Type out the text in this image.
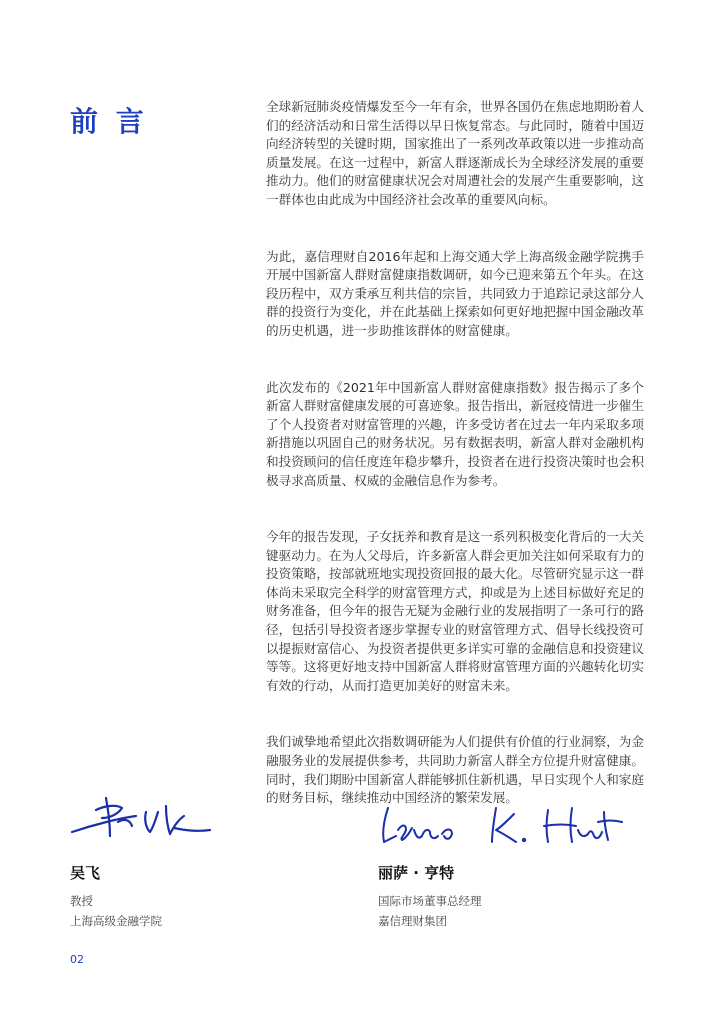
前 言	全球新冠肺炎疫情爆发至今一年有余，世界各国仍在焦虑地期盼着人们的经济活动和日常生活得以早日恢复常态。与此同时，随着中国迈向经济转型的关键时期，国家推出了一系列改革政策以进一步推动高质量发展。在这一过程中，新富人群逐渐成长为全球经济发展的重要推动力。他们的财富健康状况会对周遭社会的发展产生重要影响，这一群体也由此成为中国经济社会改革的重要风向标。

为此，嘉信理财自2016年起和上海交通大学上海高级金融学院携手开展中国新富人群财富健康指数调研，如今已迎来第五个年头。在这段历程中，双方秉承互利共信的宗旨，共同致力于追踪记录这部分人群的投资行为变化，并在此基础上探索如何更好地把握中国金融改革的历史机遇，进一步助推该群体的财富健康。

此次发布的《2021年中国新富人群财富健康指数》报告揭示了多个新富人群财富健康发展的可喜迹象。报告指出，新冠疫情进一步催生了个人投资者对财富管理的兴趣，许多受访者在过去一年内采取多项新措施以巩固自己的财务状况。另有数据表明，新富人群对金融机构和投资顾问的信任度连年稳步攀升，投资者在进行投资决策时也会积极寻求高质量、权威的金融信息作为参考。

今年的报告发现，子女抚养和教育是这一系列积极变化背后的一大关键驱动力。在为人父母后，许多新富人群会更加关注如何采取有力的投资策略，按部就班地实现投资回报的最大化。尽管研究显示这一群体尚未采取完全科学的财富管理方式，抑或是为上述目标做好充足的财务准备，但今年的报告无疑为金融行业的发展指明了一条可行的路径，包括引导投资者逐步掌握专业的财富管理方式、倡导长线投资可以提振财富信心、为投资者提供更多详实可靠的金融信息和投资建议等等。这将更好地支持中国新富人群将财富管理方面的兴趣转化切实有效的行动，从而打造更加美好的财富未来。

我们诚挚地希望此次指数调研能为人们提供有价值的行业洞察，为金融服务业的发展提供参考，共同助力新富人群全方位提升财富健康。同时，我们期盼中国新富人群能够抓住新机遇，早日实现个人和家庭的财务目标，继续推动中国经济的繁荣发展。

吴飞
教授
上海高级金融学院
丽萨 · 亨特
国际市场董事总经理
嘉信理财集团
02
